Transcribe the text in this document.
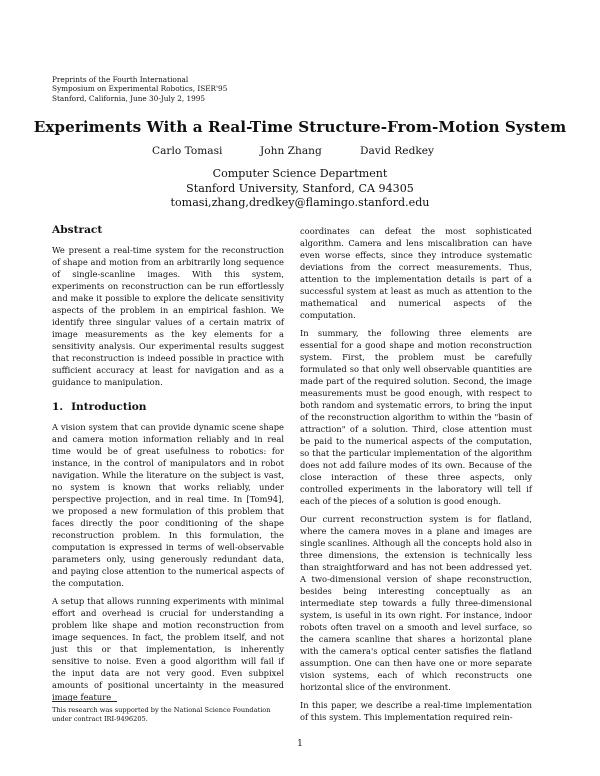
Preprints of the Fourth International
Symposium on Experimental Robotics, ISER'95
Stanford, California, June 30-July 2, 1995
Experiments With a Real-Time Structure-From-Motion System
Carlo Tomasi	John Zhang	David Redkey
Computer Science Department
Stanford University, Stanford, CA 94305
tomasi,zhang,dredkey@flamingo.stanford.edu
Abstract

We present a real-time system for the reconstruction of shape and motion from an arbitrarily long sequence of single-scanline images. With this system, experiments on reconstruction can be run effortlessly and make it possible to explore the delicate sensitivity aspects of the problem in an empirical fashion. We identify three singular values of a certain matrix of image measurements as the key elements for a sensitivity analysis. Our experimental results suggest that reconstruction is indeed possible in practice with sufficient accuracy at least for navigation and as a guidance to manipulation.

1. Introduction

A vision system that can provide dynamic scene shape and camera motion information reliably and in real time would be of great usefulness to robotics: for instance, in the control of manipulators and in robot navigation. While the literature on the subject is vast, no system is known that works reliably, under perspective projection, and in real time. In [Tom94], we proposed a new formulation of this problem that faces directly the poor conditioning of the shape reconstruction problem. In this formulation, the computation is expressed in terms of well-observable parameters only, using generously redundant data, and paying close attention to the numerical aspects of the computation.

A setup that allows running experiments with minimal effort and overhead is crucial for understanding a problem like shape and motion reconstruction from image sequences. In fact, the problem itself, and not just this or that implementation, is inherently sensitive to noise. Even a good algorithm will fail if the input data are not very good. Even subpixel amounts of positional uncertainty in the measured image feature

coordinates can defeat the most sophisticated algorithm. Camera and lens miscalibration can have even worse effects, since they introduce systematic deviations from the correct measurements. Thus, attention to the implementation details is part of a successful system at least as much as attention to the mathematical and numerical aspects of the computation.

In summary, the following three elements are essential for a good shape and motion reconstruction system. First, the problem must be carefully formulated so that only well observable quantities are made part of the required solution. Second, the image measurements must be good enough, with respect to both random and systematic errors, to bring the input of the reconstruction algorithm to within the "basin of attraction" of a solution. Third, close attention must be paid to the numerical aspects of the computation, so that the particular implementation of the algorithm does not add failure modes of its own. Because of the close interaction of these three aspects, only controlled experiments in the laboratory will tell if each of the pieces of a solution is good enough.

Our current reconstruction system is for flatland, where the camera moves in a plane and images are single scanlines. Although all the concepts hold also in three dimensions, the extension is technically less than straightforward and has not been addressed yet. A two-dimensional version of shape reconstruction, besides being interesting conceptually as an intermediate step towards a fully three-dimensional system, is useful in its own right. For instance, indoor robots often travel on a smooth and level surface, so the camera scanline that shares a horizontal plane with the camera's optical center satisfies the flatland assumption. One can then have one or more separate vision systems, each of which reconstructs one horizontal slice of the environment.

In this paper, we describe a real-time implementation of this system. This implementation required rein-

This research was supported by the National Science Foundation under contract IRI-9496205.
1
